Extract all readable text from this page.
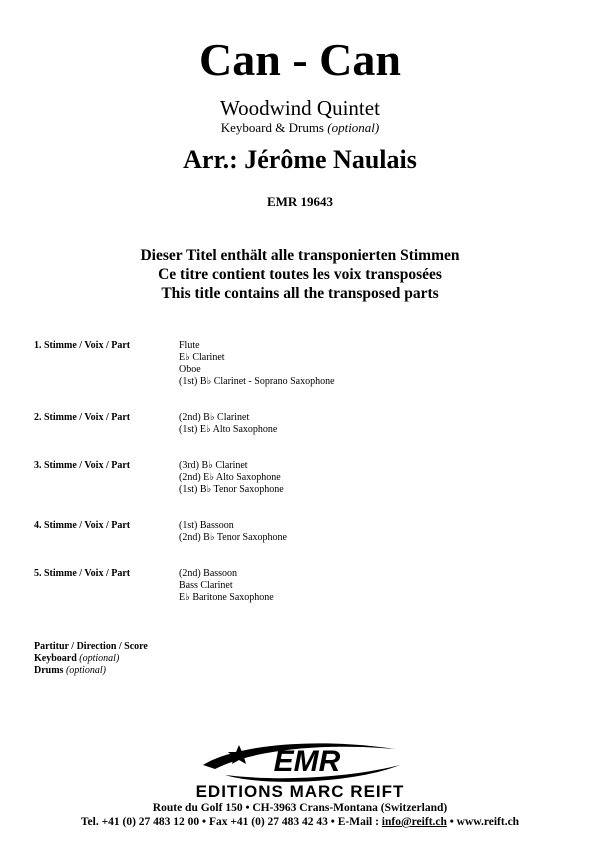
Can - Can
Woodwind Quintet
Keyboard & Drums (optional)
Arr.: Jérôme Naulais
EMR 19643
Dieser Titel enthält alle transponierten Stimmen
Ce titre contient toutes les voix transposées
This title contains all the transposed parts
1. Stimme / Voix / Part	Flute
E♭ Clarinet
Oboe
(1st) B♭ Clarinet - Soprano Saxophone
2. Stimme / Voix / Part	(2nd) B♭ Clarinet
(1st) E♭ Alto Saxophone
3. Stimme / Voix / Part	(3rd) B♭ Clarinet
(2nd) E♭ Alto Saxophone
(1st) B♭ Tenor Saxophone
4. Stimme / Voix / Part	(1st) Bassoon
(2nd) B♭ Tenor Saxophone
5. Stimme / Voix / Part	(2nd) Bassoon
Bass Clarinet
E♭ Baritone Saxophone
Partitur / Direction / Score
Keyboard (optional)
Drums (optional)
EMR
EDITIONS MARC REIFT
Route du Golf 150 • CH-3963 Crans-Montana (Switzerland)
Tel. +41 (0) 27 483 12 00 • Fax +41 (0) 27 483 42 43 • E-Mail : info@reift.ch • www.reift.ch
